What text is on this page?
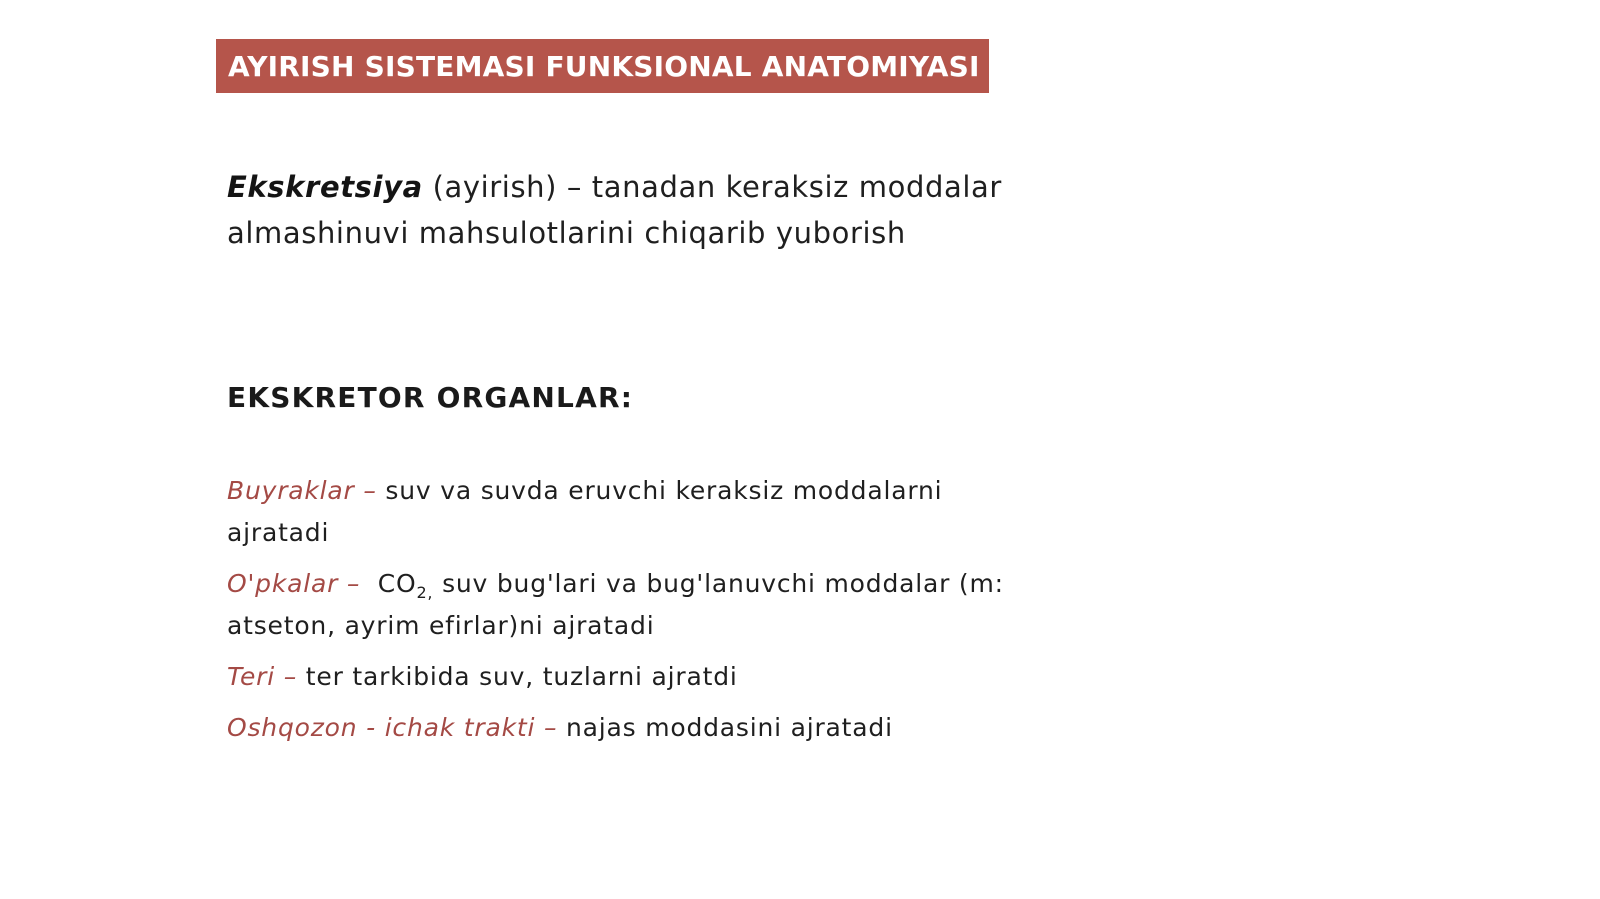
AYIRISH SISTEMASI FUNKSIONAL ANATOMIYASI
Ekskretsiya (ayirish) – tanadan keraksiz moddalar almashinuvi mahsulotlarini chiqarib yuborish
EKSKRETOR ORGANLAR:
Buyraklar – suv va suvda eruvchi keraksiz moddalarni ajratadi
O'pkalar – $CO_{2,}$ suv bug'lari va bug'lanuvchi moddalar (m: atseton, ayrim efirlar)ni ajratadi
Teri – ter tarkibida suv, tuzlarni ajratdi
Oshqozon - ichak trakti – najas moddasini ajratadi
